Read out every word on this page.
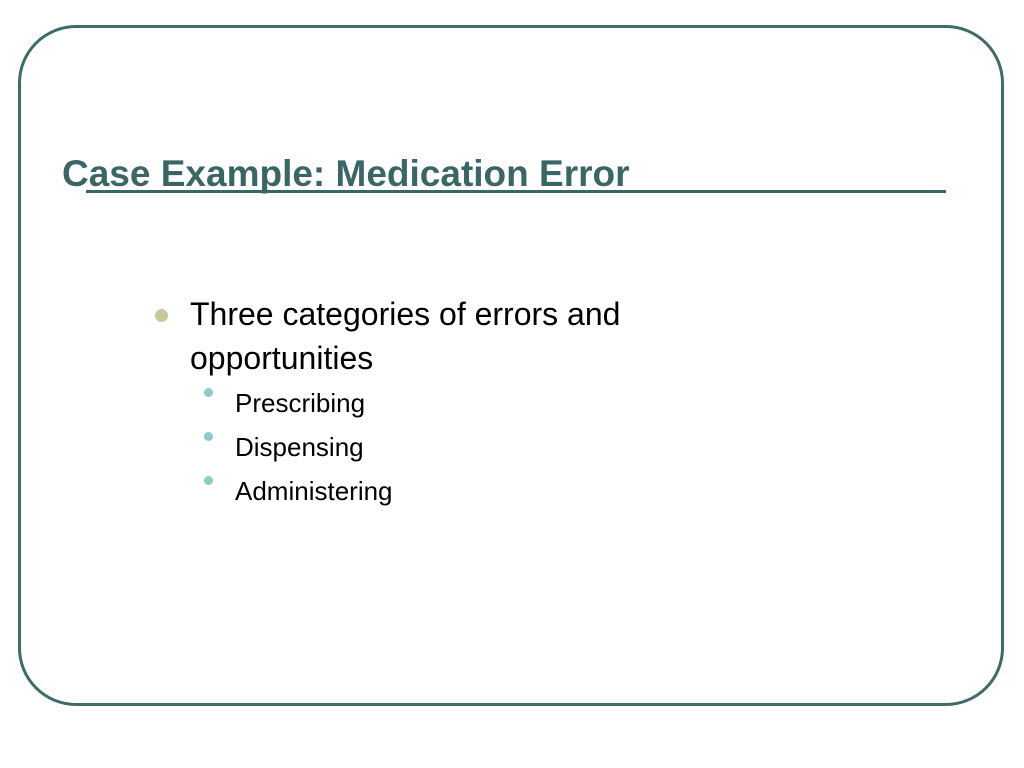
Case Example: Medication Error
Three categories of errors and opportunities
Prescribing
Dispensing
Administering
